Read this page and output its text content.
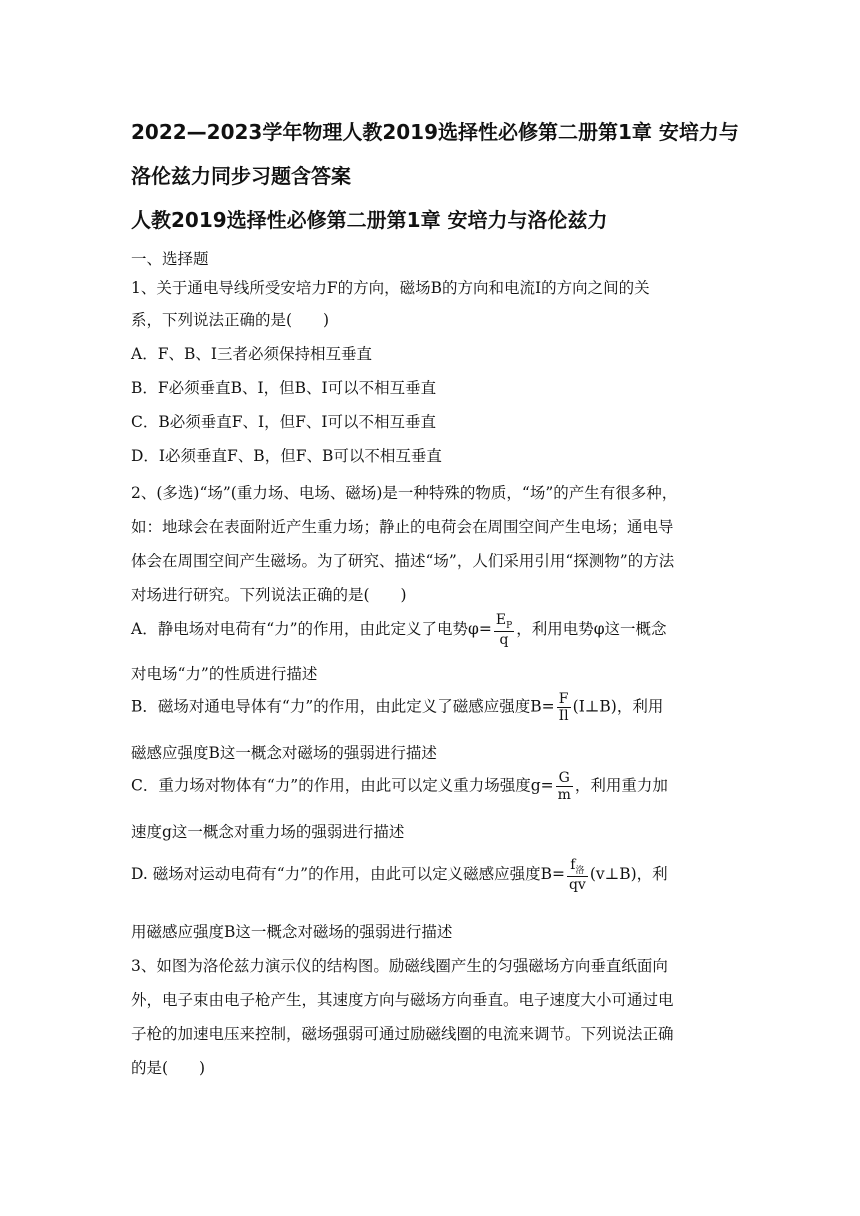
2022—2023学年物理人教2019选择性必修第二册第1章 安培力与
洛伦兹力同步习题含答案
人教2019选择性必修第二册第1章 安培力与洛伦兹力
一、选择题
1、关于通电导线所受安培力F的方向，磁场B的方向和电流I的方向之间的关
系，下列说法正确的是(　　)
A．F、B、I三者必须保持相互垂直
B．F必须垂直B、I，但B、I可以不相互垂直
C．B必须垂直F、I，但F、I可以不相互垂直
D．I必须垂直F、B，但F、B可以不相互垂直
2、(多选)“场”(重力场、电场、磁场)是一种特殊的物质，“场”的产生有很多种，
如：地球会在表面附近产生重力场；静止的电荷会在周围空间产生电场；通电导
体会在周围空间产生磁场。为了研究、描述“场”，人们采用引用“探测物”的方法
对场进行研究。下列说法正确的是(　　)
A．静电场对电荷有“力”的作用，由此定义了电势$\varphi= \frac{E_P}{q}$ ，利用电势φ这一概念
对电场“力”的性质进行描述
B．磁场对通电导体有“力”的作用，由此定义了磁感应强度$B= \frac{F}{Il}$ (I⊥B)，利用
磁感应强度B这一概念对磁场的强弱进行描述
C．重力场对物体有“力”的作用，由此可以定义重力场强度$g= \frac{G}{m}$ ，利用重力加
速度g这一概念对重力场的强弱进行描述
D. 磁场对运动电荷有“力”的作用，由此可以定义磁感应强度$B= \frac{f_洛}{qv}$ (v⊥B)，利
用磁感应强度B这一概念对磁场的强弱进行描述
3、如图为洛伦兹力演示仪的结构图。励磁线圈产生的匀强磁场方向垂直纸面向
外，电子束由电子枪产生，其速度方向与磁场方向垂直。电子速度大小可通过电
子枪的加速电压来控制，磁场强弱可通过励磁线圈的电流来调节。下列说法正确
的是(　　)
